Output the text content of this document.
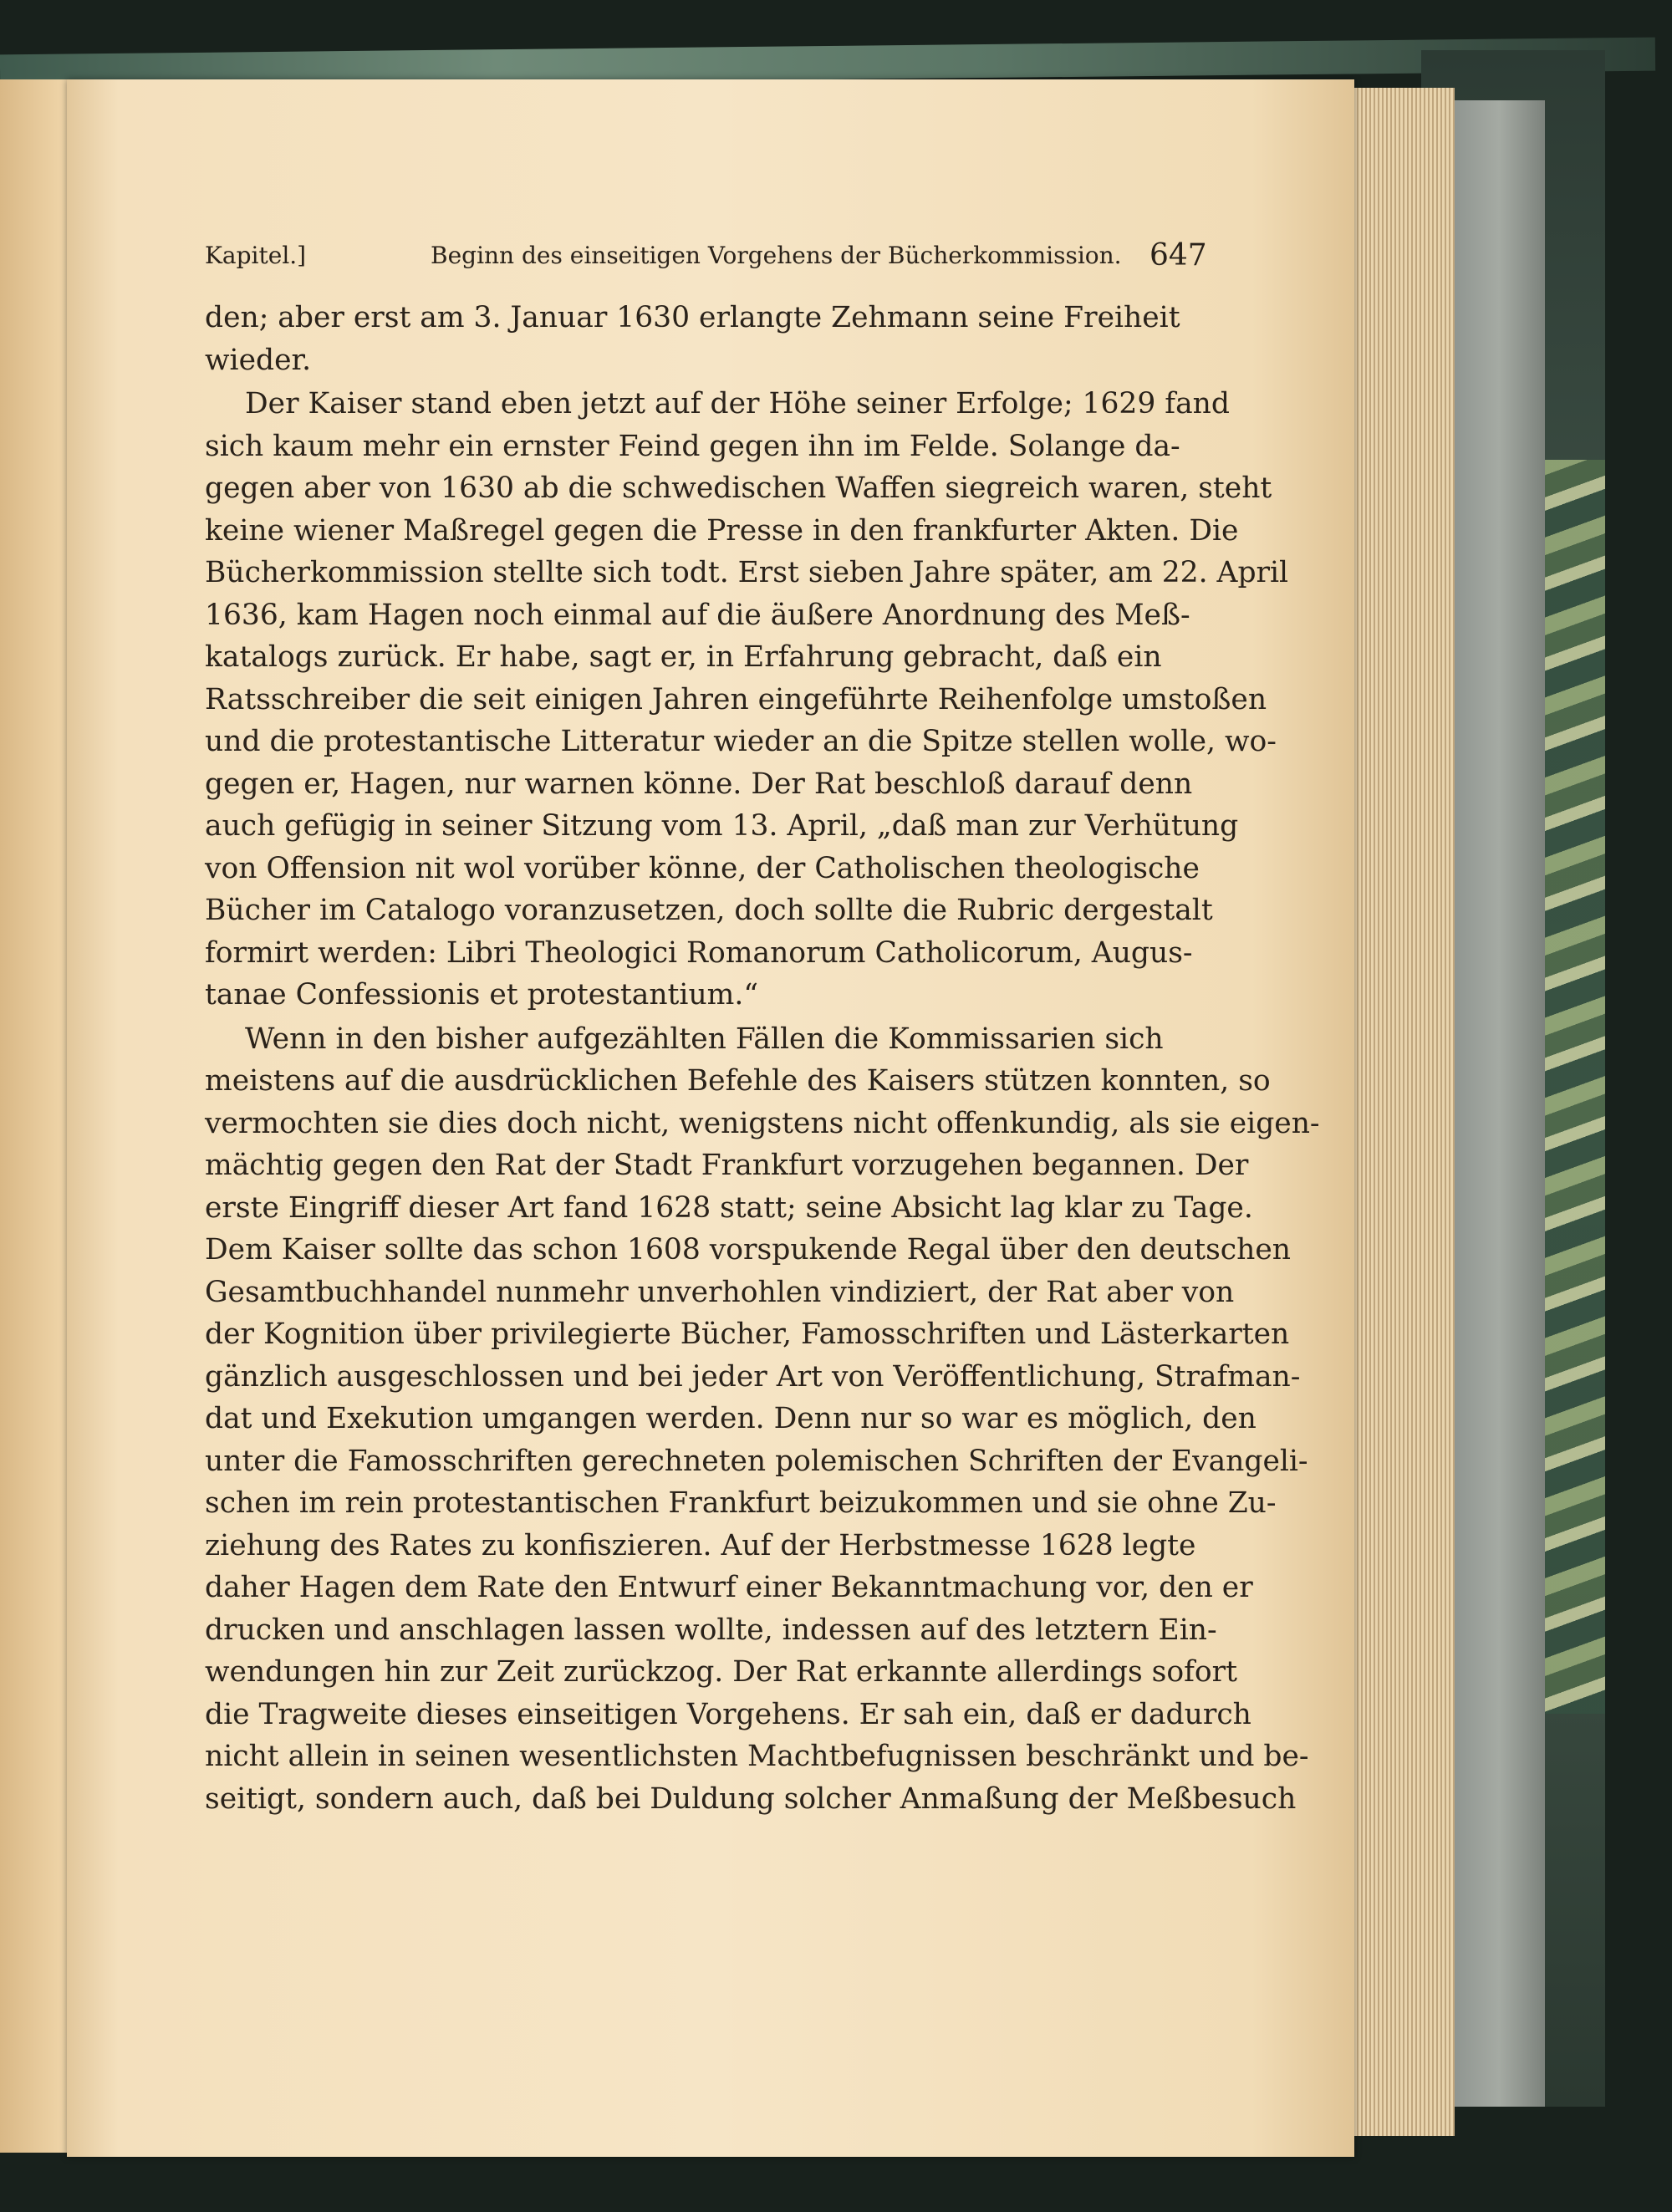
Kapitel.]	Beginn des einseitigen Vorgehens der Bücherkommission. 647
den; aber erst am 3. Januar 1630 erlangte Zehmann seine Freiheit
wieder.
Der Kaiser stand eben jetzt auf der Höhe seiner Erfolge; 1629 fand
sich kaum mehr ein ernster Feind gegen ihn im Felde. Solange da-
gegen aber von 1630 ab die schwedischen Waffen siegreich waren, steht
keine wiener Maßregel gegen die Presse in den frankfurter Akten. Die
Bücherkommission stellte sich todt. Erst sieben Jahre später, am 22. April
1636, kam Hagen noch einmal auf die äußere Anordnung des Meß-
katalogs zurück. Er habe, sagt er, in Erfahrung gebracht, daß ein
Ratsschreiber die seit einigen Jahren eingeführte Reihenfolge umstoßen
und die protestantische Litteratur wieder an die Spitze stellen wolle, wo-
gegen er, Hagen, nur warnen könne. Der Rat beschloß darauf denn
auch gefügig in seiner Sitzung vom 13. April, „daß man zur Verhütung
von Offension nit wol vorüber könne, der Catholischen theologische
Bücher im Catalogo voranzusetzen, doch sollte die Rubric dergestalt
formirt werden: Libri Theologici Romanorum Catholicorum, Augus-
tanae Confessionis et protestantium.“
Wenn in den bisher aufgezählten Fällen die Kommissarien sich
meistens auf die ausdrücklichen Befehle des Kaisers stützen konnten, so
vermochten sie dies doch nicht, wenigstens nicht offenkundig, als sie eigen-
mächtig gegen den Rat der Stadt Frankfurt vorzugehen begannen. Der
erste Eingriff dieser Art fand 1628 statt; seine Absicht lag klar zu Tage.
Dem Kaiser sollte das schon 1608 vorspukende Regal über den deutschen
Gesamtbuchhandel nunmehr unverhohlen vindiziert, der Rat aber von
der Kognition über privilegierte Bücher, Famosschriften und Lästerkarten
gänzlich ausgeschlossen und bei jeder Art von Veröffentlichung, Strafman-
dat und Exekution umgangen werden. Denn nur so war es möglich, den
unter die Famosschriften gerechneten polemischen Schriften der Evangeli-
schen im rein protestantischen Frankfurt beizukommen und sie ohne Zu-
ziehung des Rates zu konfiszieren. Auf der Herbstmesse 1628 legte
daher Hagen dem Rate den Entwurf einer Bekanntmachung vor, den er
drucken und anschlagen lassen wollte, indessen auf des letztern Ein-
wendungen hin zur Zeit zurückzog. Der Rat erkannte allerdings sofort
die Tragweite dieses einseitigen Vorgehens. Er sah ein, daß er dadurch
nicht allein in seinen wesentlichsten Machtbefugnissen beschränkt und be-
seitigt, sondern auch, daß bei Duldung solcher Anmaßung der Meßbesuch
